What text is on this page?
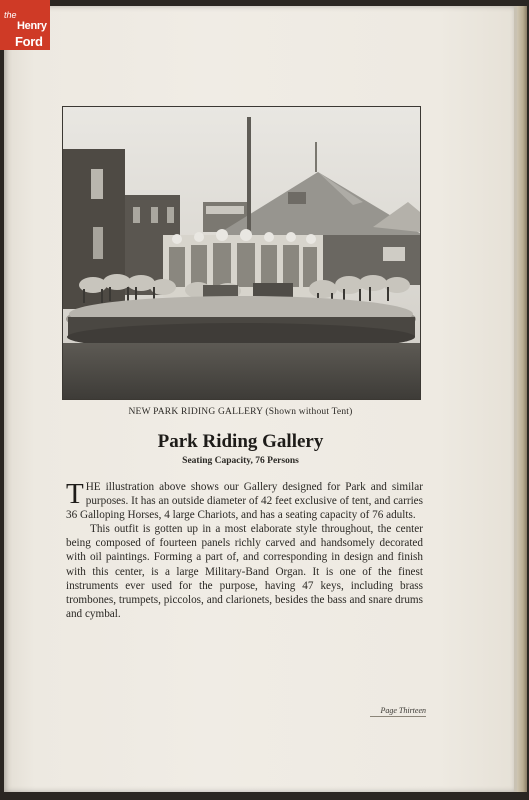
the
Henry
Ford
NEW PARK RIDING GALLERY (Shown without Tent)
Park Riding Gallery
Seating Capacity, 76 Persons

THE illustration above shows our Gallery designed for Park and similar purposes. It has an outside diameter of 42 feet exclusive of tent, and carries 36 Galloping Horses, 4 large Chariots, and has a seating capacity of 76 adults.

This outfit is gotten up in a most elaborate style throughout, the center being composed of fourteen panels richly carved and handsomely decorated with oil paintings. Forming a part of, and corresponding in design and finish with this center, is a large Military-Band Organ. It is one of the finest instruments ever used for the purpose, having 47 keys, including brass trombones, trumpets, piccolos, and clarionets, besides the bass and snare drums and cymbal.

Page Thirteen
